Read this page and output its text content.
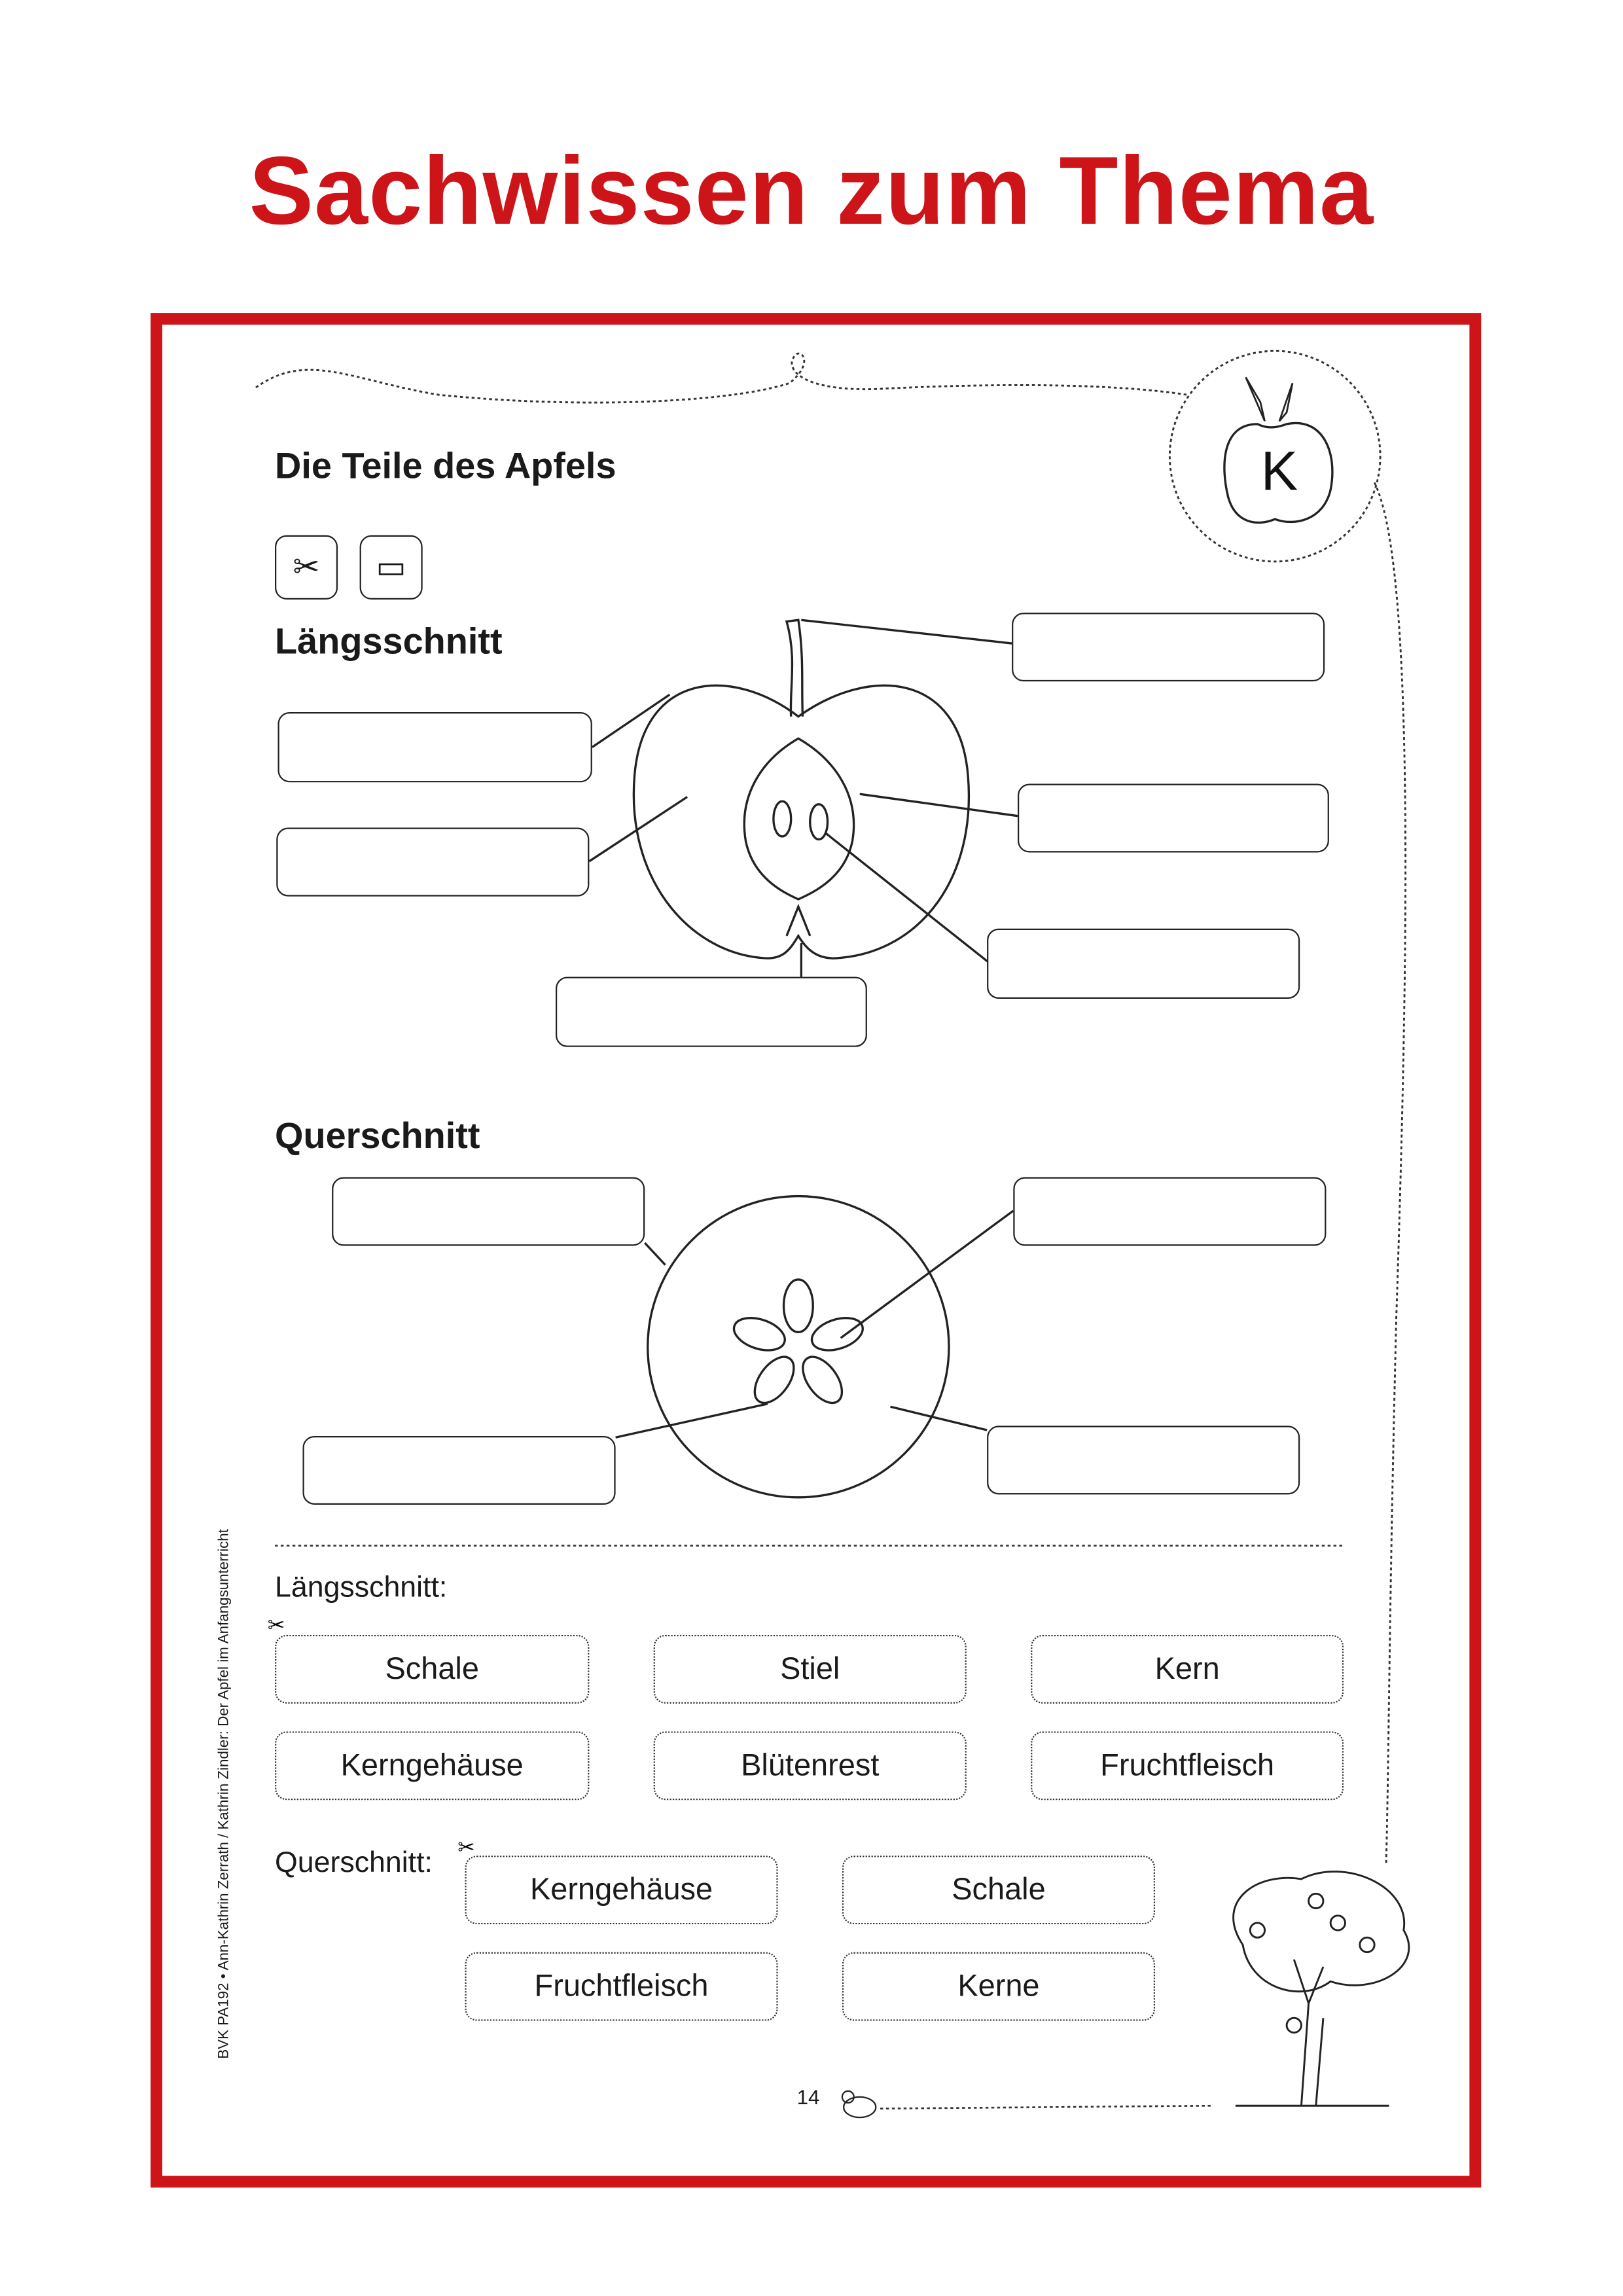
Sachwissen zum Thema
K
✂
✂
Die Teile des Apfels
✂	▭
Längsschnitt
Querschnitt
Längsschnitt:
Schale	Stiel	Kern
Kerngehäuse	Blütenrest	Fruchtfleisch
Querschnitt:
Kerngehäuse	Schale
Fruchtfleisch	Kerne
BVK PA192 • Ann-Kathrin Zerrath / Kathrin Zindler: Der Apfel im Anfangsunterricht
14
